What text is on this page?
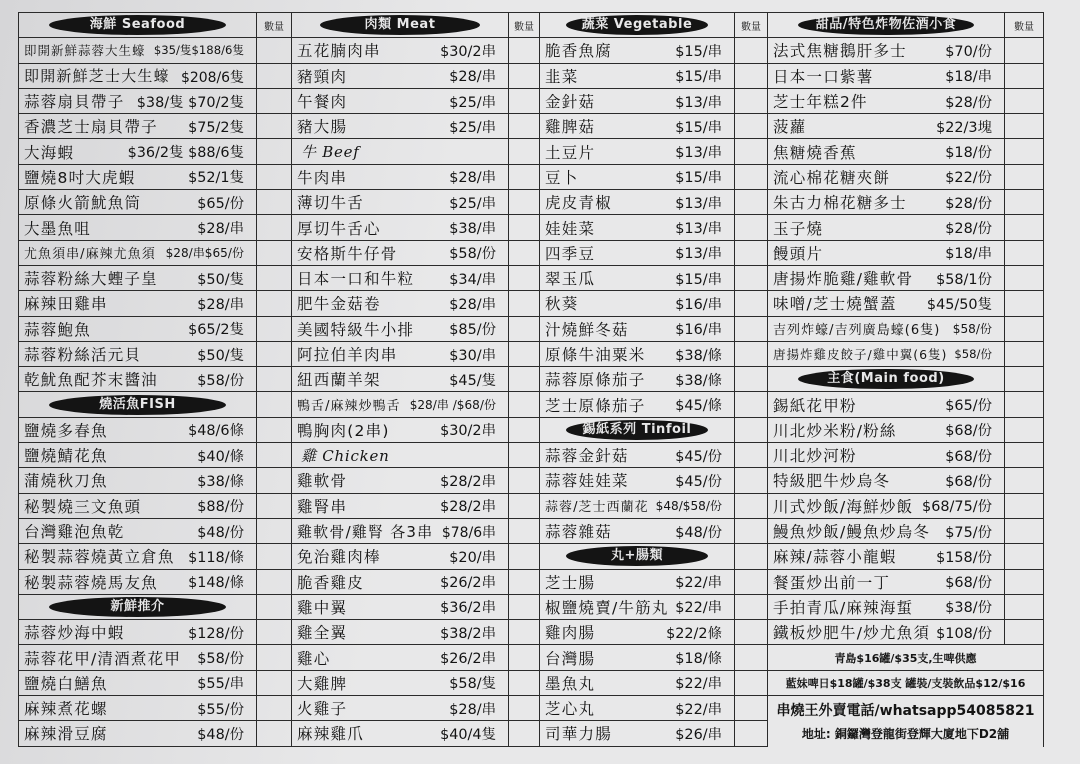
海鮮 Seafood	數量
即開新鮮蒜蓉大生蠔 $35/隻$188/6隻
即開新鮮芝士大生蠔 $208/6隻
蒜蓉扇貝帶子 $38/隻 $70/2隻
香濃芝士扇貝帶子 $75/2隻
大海蝦	$36/2隻 $88/6隻
鹽燒8吋大虎蝦	$52/1隻
原條火箭魷魚筒	$65/份
大墨魚咀	$28/串
尤魚須串/麻辣尤魚須 $28/串$65/份
蒜蓉粉絲大蟶子皇	$50/隻
麻辣田雞串	$28/串
蒜蓉鮑魚	$65/2隻
蒜蓉粉絲活元貝	$50/隻
乾魷魚配芥末醬油	$58/份
燒活魚FISH
鹽燒多春魚	$48/6條
鹽燒鯖花魚	$40/條
蒲燒秋刀魚	$38/條
秘製燒三文魚頭	$88/份
台灣雞泡魚乾	$48/份
秘製蒜蓉燒黃立倉魚 $118/條
秘製蒜蓉燒馬友魚 $148/條
新鮮推介
蒜蓉炒海中蝦	$128/份
蒜蓉花甲/清酒煮花甲 $58/份
鹽燒白鱔魚	$55/串
麻辣煮花螺	$55/份
麻辣滑豆腐	$48/份
肉類 Meat	數量
五花腩肉串	$30/2串
豬頸肉	$28/串
午餐肉	$25/串
豬大腸	$25/串
牛 Beef
牛肉串	$28/串
薄切牛舌	$25/串
厚切牛舌心	$38/串
安格斯牛仔骨	$58/份
日本一口和牛粒 $34/串
肥牛金菇卷	$28/串
美國特級牛小排 $85/份
阿拉伯羊肉串	$30/串
紐西蘭羊架	$45/隻
鴨舌/麻辣炒鴨舌 $28/串 /$68/份
鴨胸肉(2串)	$30/2串
雞 Chicken
雞軟骨	$28/2串
雞腎串	$28/2串
雞軟骨/雞腎 各3串 $78/6串
免治雞肉棒	$20/串
脆香雞皮	$26/2串
雞中翼	$36/2串
雞全翼	$38/2串
雞心	$26/2串
大雞脾	$58/隻
火雞子	$28/串
麻辣雞爪	$40/4隻
蔬菜 Vegetable	數量
脆香魚腐	$15/串
韭菜	$15/串
金針菇	$13/串
雞脾菇	$15/串
土豆片	$13/串
豆卜	$15/串
虎皮青椒	$13/串
娃娃菜	$13/串
四季豆	$13/串
翠玉瓜	$15/串
秋葵	$16/串
汁燒鮮冬菇	$16/串
原條牛油粟米 $38/條
蒜蓉原條茄子 $38/條
芝士原條茄子 $45/條
錫紙系列 Tinfoil
蒜蓉金針菇	$45/份
蒜蓉娃娃菜	$45/份
蒜蓉/芝士西蘭花 $48/$58/份
蒜蓉雜菇	$48/份
丸+腸類
芝士腸	$22/串
椒鹽燒賣/牛筋丸 $22/串
雞肉腸	$22/2條
台灣腸	$18/條
墨魚丸	$22/串
芝心丸	$22/串
司華力腸	$26/串
甜品/特色炸物佐酒小食	數量
法式焦糖鵝肝多士	$70/份
日本一口紫薯	$18/串
芝士年糕2件	$28/份
菠蘿	$22/3塊
焦糖燒香蕉	$18/份
流心棉花糖夾餅	$22/份
朱古力棉花糖多士	$28/份
玉子燒	$28/份
饅頭片	$18/串
唐揚炸脆雞/雞軟骨 $58/1份
味噌/芝士燒蟹蓋 $45/50隻
吉列炸蠔/吉列廣島蠔(6隻) $58/份
唐揚炸雞皮餃子/雞中翼(6隻) $58/份
主食(Main food)
錫紙花甲粉	$65/份
川北炒米粉/粉絲	$68/份
川北炒河粉	$68/份
特級肥牛炒烏冬	$68/份
川式炒飯/海鮮炒飯 $68/75/份
鰻魚炒飯/鰻魚炒烏冬 $75/份
麻辣/蒜蓉小龍蝦	$158/份
餐蛋炒出前一丁	$68/份
手拍青瓜/麻辣海蜇 $38/份
鐵板炒肥牛/炒尤魚須 $108/份
青島$16罐/$35支,生啤供應
藍妹啤日$18罐/$38支 罐裝/支裝飲品$12/$16
串燒王外賣電話/whatsapp54085821
地址: 銅鑼灣登龍街登輝大廈地下D2舖
